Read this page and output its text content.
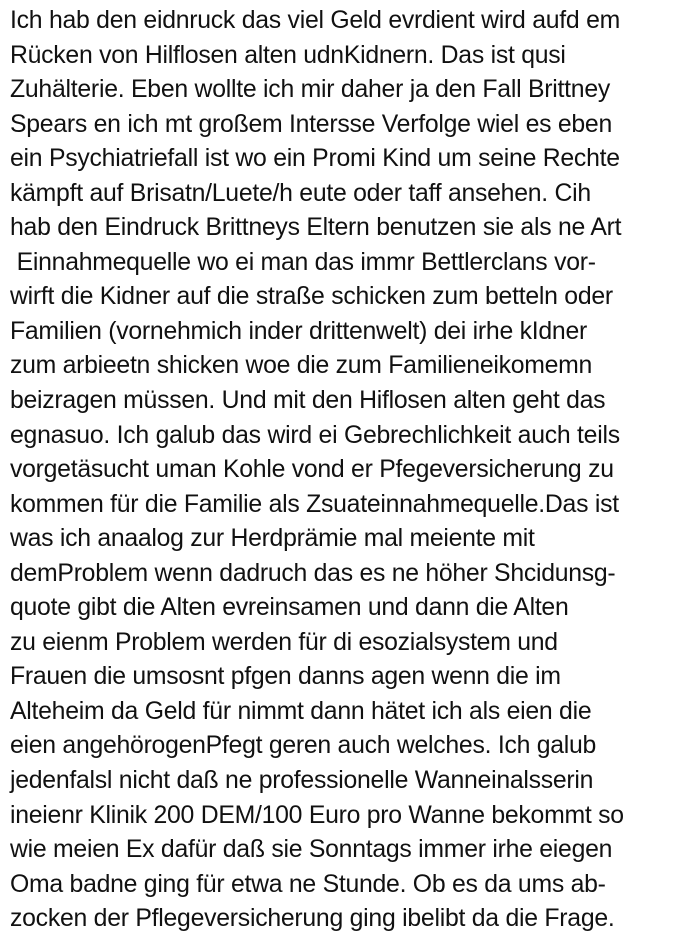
Ich hab den eidnruck das viel Geld evrdient wird aufd em
Rücken von Hilflosen alten udnKidnern. Das ist qusi
Zuhälterie. Eben wollte ich mir daher ja den Fall Brittney
Spears en ich mt großem Intersse Verfolge wiel es eben
ein Psychiatriefall ist wo ein Promi Kind um seine Rechte
kämpft auf Brisatn/Luete/h eute oder taff ansehen. Cih
hab den Eindruck Brittneys Eltern benutzen sie als ne Art
Einnahmequelle wo ei man das immr Bettlerclans vor-
wirft die Kidner auf die straße schicken zum betteln oder
Familien (vornehmich inder drittenwelt) dei irhe kIdner
zum arbieetn shicken woe die zum Familieneikomemn
beizragen müssen. Und mit den Hiflosen alten geht das
egnasuo. Ich galub das wird ei Gebrechlichkeit auch teils
vorgetäsucht uman Kohle vond er Pfegeversicherung zu
kommen für die Familie als Zsuateinnahmequelle.Das ist
was ich anaalog zur Herdprämie mal meiente mit
demProblem wenn dadruch das es ne höher Shcidunsg-
quote gibt die Alten evreinsamen und dann die Alten
zu eienm Problem werden für di esozialsystem und
Frauen die umsosnt pfgen danns agen wenn die im
Alteheim da Geld für nimmt dann hätet ich als eien die
eien angehörogenPfegt geren auch welches. Ich galub
jedenfalsl nicht daß ne professionelle Wanneinalsserin
ineienr Klinik 200 DEM/100 Euro pro Wanne bekommt so
wie meien Ex dafür daß sie Sonntags immer irhe eiegen
Oma badne ging für etwa ne Stunde. Ob es da ums ab-
zocken der Pflegeversicherung ging ibelibt da die Frage.
